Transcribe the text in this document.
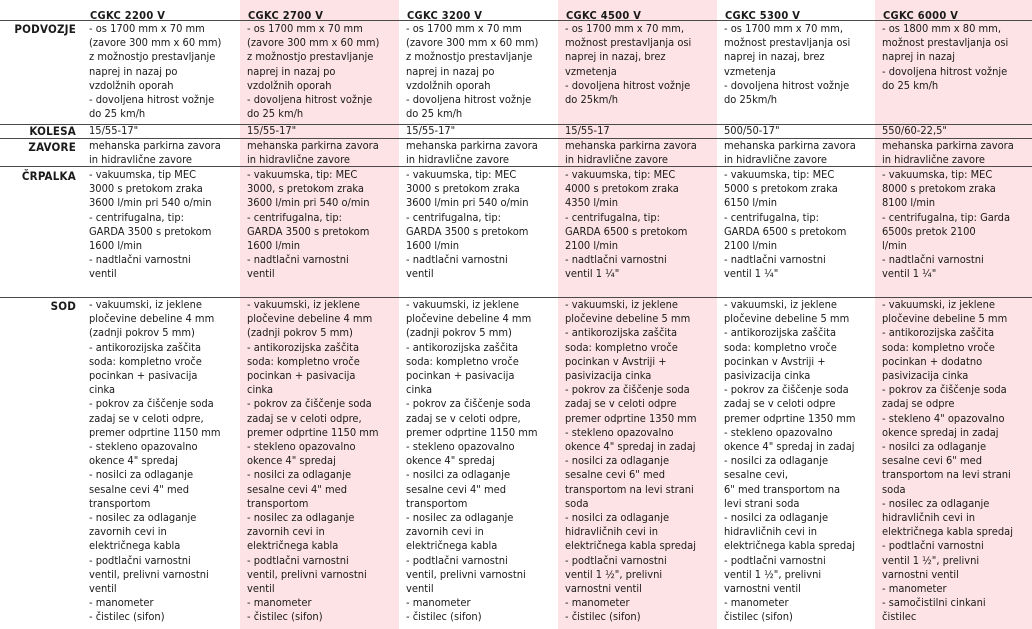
PODVOZJE
KOLESA
ZAVORE
ČRPALKA
SOD
CGKC 2200 V
- os 1700 mm x 70 mm
(zavore 300 mm x 60 mm)
z možnostjo prestavljanje
naprej in nazaj po
vzdolžnih oporah
- dovoljena hitrost vožnje
do 25 km/h
15/55-17"
mehanska parkirna zavora
in hidravlične zavore
- vakuumska, tip MEC
3000 s pretokom zraka
3600 l/min pri 540 o/min
- centrifugalna, tip:
GARDA 3500 s pretokom
1600 l/min
- nadtlačni varnostni
ventil
- vakuumski, iz jeklene
pločevine debeline 4 mm
(zadnji pokrov 5 mm)
- antikorozijska zaščita
soda: kompletno vroče
pocinkan + pasivacija
cinka
- pokrov za čiščenje soda
zadaj se v celoti odpre,
premer odprtine 1150 mm
- stekleno opazovalno
okence 4" spredaj
- nosilci za odlaganje
sesalne cevi 4" med
transportom
- nosilec za odlaganje
zavornih cevi in
električnega kabla
- podtlačni varnostni
ventil, prelivni varnostni
ventil
- manometer
- čistilec (sifon)
CGKC 2700 V
- os 1700 mm x 70 mm
(zavore 300 mm x 60 mm)
z možnostjo prestavljanje
naprej in nazaj po
vzdolžnih oporah
- dovoljena hitrost vožnje
do 25 km/h
15/55-17"
mehanska parkirna zavora
in hidravlične zavore
- vakuumska, tip: MEC
3000, s pretokom zraka
3600 l/min pri 540 o/min
- centrifugalna, tip:
GARDA 3500 s pretokom
1600 l/min
- nadtlačni varnostni
ventil
- vakuumski, iz jeklene
pločevine debeline 4 mm
(zadnji pokrov 5 mm)
- antikorozijska zaščita
soda: kompletno vroče
pocinkan + pasivacija
cinka
- pokrov za čiščenje soda
zadaj se v celoti odpre,
premer odprtine 1150 mm
- stekleno opazovalno
okence 4" spredaj
- nosilci za odlaganje
sesalne cevi 4" med
transportom
- nosilec za odlaganje
zavornih cevi in
električnega kabla
- podtlačni varnostni
ventil, prelivni varnostni
ventil
- manometer
- čistilec (sifon)
CGKC 3200 V
- os 1700 mm x 70 mm
(zavore 300 mm x 60 mm)
z možnostjo prestavljanje
naprej in nazaj po
vzdolžnih oporah
- dovoljena hitrost vožnje
do 25 km/h
15/55-17"
mehanska parkirna zavora
in hidravlične zavore
- vakuumska, tip: MEC
3000 s pretokom zraka
3600 l/min pri 540 o/min
- centrifugalna, tip:
GARDA 3500 s pretokom
1600 l/min
- nadtlačni varnostni
ventil
- vakuumski, iz jeklene
pločevine debeline 4 mm
(zadnji pokrov 5 mm)
- antikorozijska zaščita
soda: kompletno vroče
pocinkan + pasivacija
cinka
- pokrov za čiščenje soda
zadaj se v celoti odpre,
premer odprtine 1150 mm
- stekleno opazovalno
okence 4" spredaj
- nosilci za odlaganje
sesalne cevi 4" med
transportom
- nosilec za odlaganje
zavornih cevi in
električnega kabla
- podtlačni varnostni
ventil, prelivni varnostni
ventil
- manometer
- čistilec (sifon)
CGKC 4500 V
- os 1700 mm x 70 mm,
možnost prestavljanja osi
naprej in nazaj, brez
vzmetenja
- dovoljena hitrost vožnje
do 25km/h
15/55-17
mehanska parkirna zavora
in hidravlične zavore
- vakuumska, tip: MEC
4000 s pretokom zraka
4350 l/min
- centrifugalna, tip:
GARDA 6500 s pretokom
2100 l/min
- nadtlačni varnostni
ventil 1 ¼"
- vakuumski, iz jeklene
pločevine debeline 5 mm
- antikorozijska zaščita
soda: kompletno vroče
pocinkan v Avstriji +
pasivizacija cinka
- pokrov za čiščenje soda
zadaj se v celoti odpre
premer odprtine 1350 mm
- stekleno opazovalno
okence 4" spredaj in zadaj
- nosilci za odlaganje
sesalne cevi 6" med
transportom na levi strani
soda
- nosilci za odlaganje
hidravličnih cevi in
električnega kabla spredaj
- podtlačni varnostni
ventil 1 ½", prelivni
varnostni ventil
- manometer
- čistilec (sifon)
CGKC 5300 V
- os 1700 mm x 70 mm,
možnost prestavljanja osi
naprej in nazaj, brez
vzmetenja
- dovoljena hitrost vožnje
do 25km/h
500/50-17"
mehanska parkirna zavora
in hidravlične zavore
- vakuumska, tip: MEC
5000 s pretokom zraka
6150 l/min
- centrifugalna, tip:
GARDA 6500 s pretokom
2100 l/min
- nadtlačni varnostni
ventil 1 ¼"
- vakuumski, iz jeklene
pločevine debeline 5 mm
- antikorozijska zaščita
soda: kompletno vroče
pocinkan v Avstriji +
pasivizacija cinka
- pokrov za čiščenje soda
zadaj se v celoti odpre
premer odprtine 1350 mm
- stekleno opazovalno
okence 4" spredaj in zadaj
- nosilci za odlaganje
sesalne cevi,
6" med transportom na
levi strani soda
- nosilci za odlaganje
hidravličnih cevi in
električnega kabla spredaj
- podtlačni varnostni
ventil 1 ½", prelivni
varnostni ventil
- manometer
čistilec (sifon)
CGKC 6000 V
- os 1800 mm x 80 mm,
možnost prestavljanja osi
naprej in nazaj
- dovoljena hitrost vožnje
do 25 km/h
550/60-22,5"
mehanska parkirna zavora
in hidravlične zavore
- vakuumska, tip: MEC
8000 s pretokom zraka
8100 l/min
- centrifugalna, tip: Garda
6500s pretok 2100
l/min
- nadtlačni varnostni
ventil 1 ¼"
- vakuumski, iz jeklene
pločevine debeline 5 mm
- antikorozijska zaščita
soda: kompletno vroče
pocinkan + dodatno
pasivizacija cinka
- pokrov za čiščenje soda
zadaj se odpre
- stekleno 4" opazovalno
okence spredaj in zadaj
- nosilci za odlaganje
sesalne cevi 6" med
transportom na levi strani
soda
- nosilec za odlaganje
hidravličnih cevi in
električnega kabla spredaj
- podtlačni varnostni
ventil 1 ½", prelivni
varnostni ventil
- manometer
- samočistilni cinkani
čistilec
